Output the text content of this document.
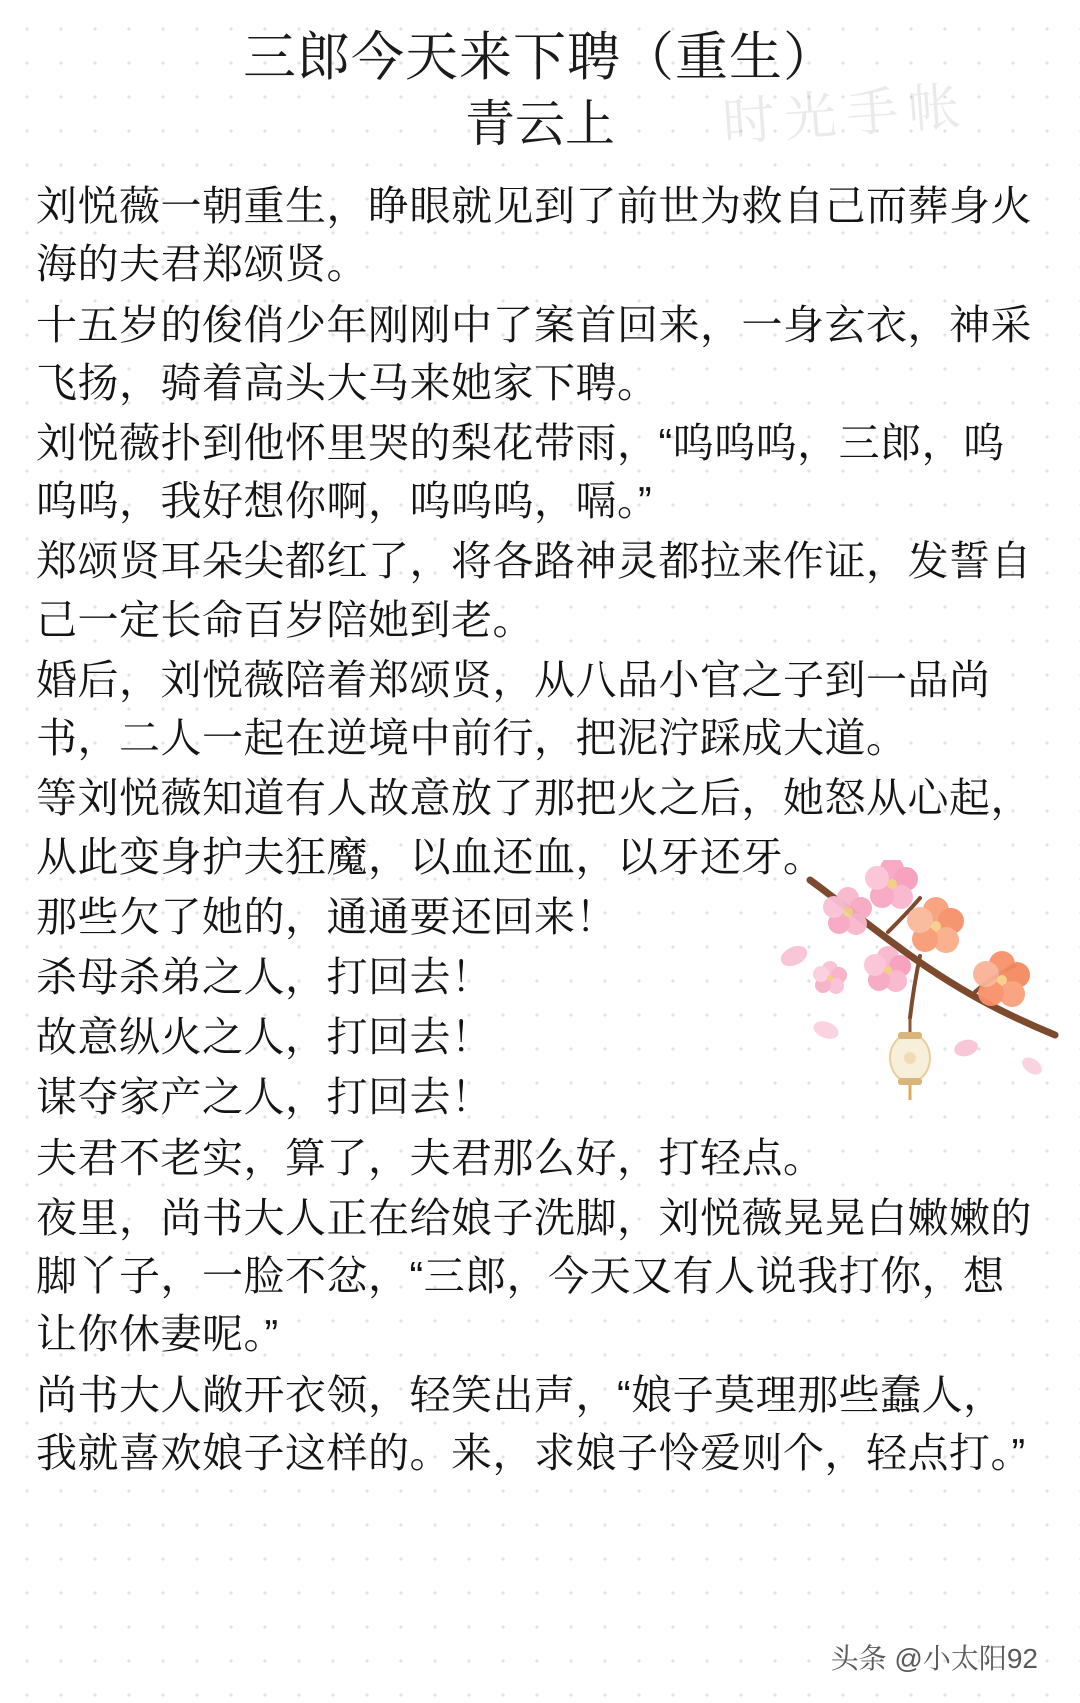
时光手帐
三郎今天来下聘（重生）
青云上

刘悦薇一朝重生，睁眼就见到了前世为救自己而葬身火海的夫君郑颂贤。

十五岁的俊俏少年刚刚中了案首回来，一身玄衣，神采飞扬，骑着高头大马来她家下聘。

刘悦薇扑到他怀里哭的梨花带雨，“呜呜呜，三郎，呜呜呜，我好想你啊，呜呜呜，嗝。”

郑颂贤耳朵尖都红了，将各路神灵都拉来作证，发誓自己一定长命百岁陪她到老。

婚后，刘悦薇陪着郑颂贤，从八品小官之子到一品尚书，二人一起在逆境中前行，把泥泞踩成大道。

等刘悦薇知道有人故意放了那把火之后，她怒从心起，从此变身护夫狂魔，以血还血，以牙还牙。

那些欠了她的，通通要还回来！

杀母杀弟之人，打回去！

故意纵火之人，打回去！

谋夺家产之人，打回去！

夫君不老实，算了，夫君那么好，打轻点。

夜里，尚书大人正在给娘子洗脚，刘悦薇晃晃白嫩嫩的脚丫子，一脸不忿，“三郎，今天又有人说我打你，想让你休妻呢。”

尚书大人敞开衣领，轻笑出声，“娘子莫理那些蠢人，我就喜欢娘子这样的。来，求娘子怜爱则个，轻点打。”

头条 @小太阳92
